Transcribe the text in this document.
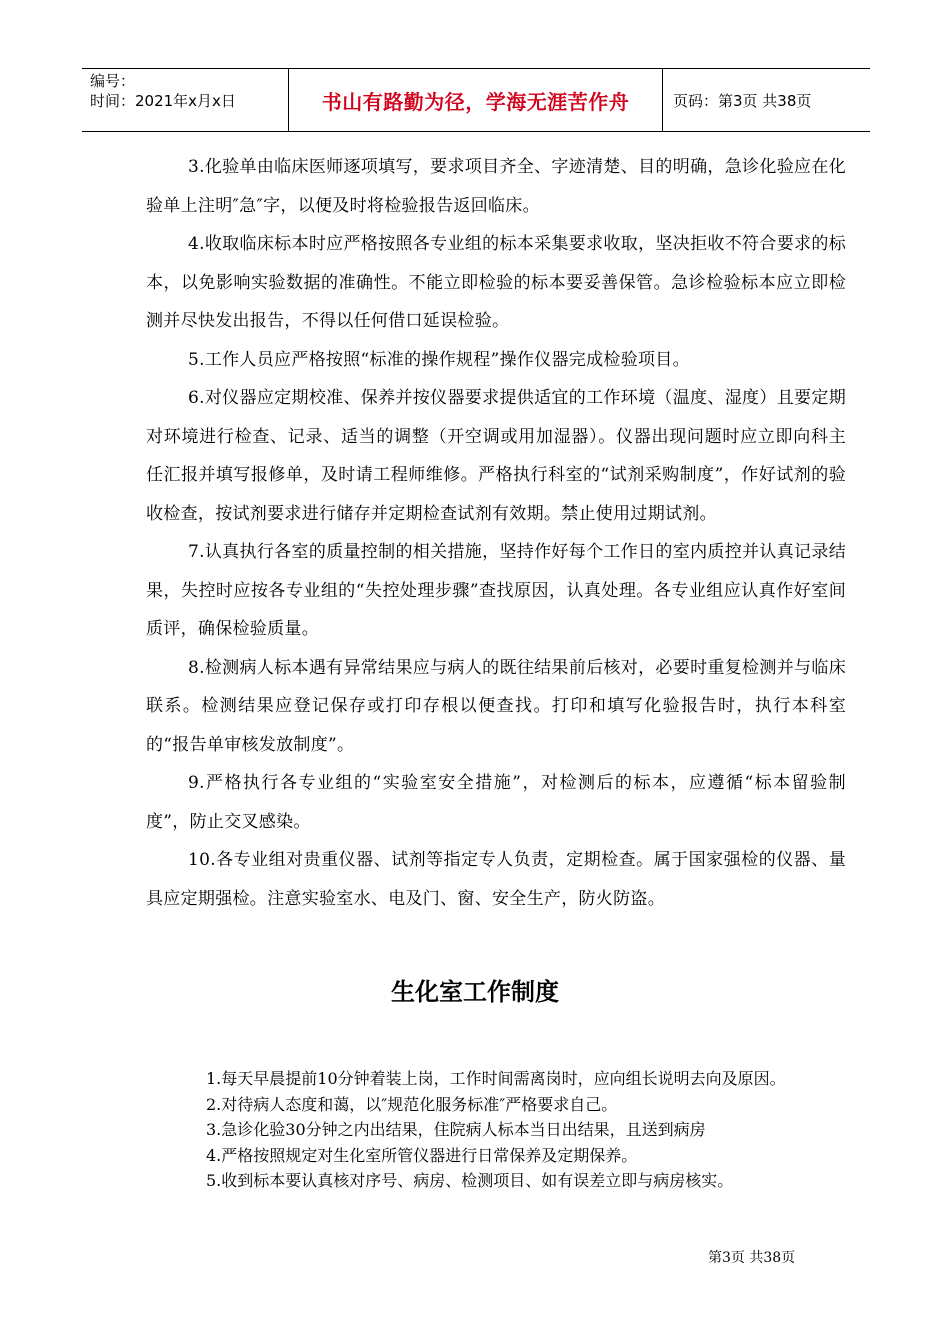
编号：
时间：2021年x月x日	书山有路勤为径，学海无涯苦作舟	页码：第3页 共38页

3.化验单由临床医师逐项填写，要求项目齐全、字迹清楚、目的明确，急诊化验应在化验单上注明″急″字，以便及时将检验报告返回临床。

4.收取临床标本时应严格按照各专业组的标本采集要求收取，坚决拒收不符合要求的标本，以免影响实验数据的准确性。不能立即检验的标本要妥善保管。急诊检验标本应立即检测并尽快发出报告，不得以任何借口延误检验。

5.工作人员应严格按照“标准的操作规程”操作仪器完成检验项目。

6.对仪器应定期校准、保养并按仪器要求提供适宜的工作环境（温度、湿度）且要定期对环境进行检查、记录、适当的调整（开空调或用加湿器）。仪器出现问题时应立即向科主任汇报并填写报修单，及时请工程师维修。严格执行科室的“试剂采购制度”，作好试剂的验收检查，按试剂要求进行储存并定期检查试剂有效期。禁止使用过期试剂。

7.认真执行各室的质量控制的相关措施，坚持作好每个工作日的室内质控并认真记录结果，失控时应按各专业组的“失控处理步骤”查找原因，认真处理。各专业组应认真作好室间质评，确保检验质量。

8.检测病人标本遇有异常结果应与病人的既往结果前后核对，必要时重复检测并与临床联系。检测结果应登记保存或打印存根以便查找。打印和填写化验报告时，执行本科室的“报告单审核发放制度”。

9.严格执行各专业组的“实验室安全措施”，对检测后的标本，应遵循“标本留验制度”，防止交叉感染。

10.各专业组对贵重仪器、试剂等指定专人负责，定期检查。属于国家强检的仪器、量具应定期强检。注意实验室水、电及门、窗、安全生产，防火防盗。

生化室工作制度

1.每天早晨提前10分钟着装上岗，工作时间需离岗时，应向组长说明去向及原因。

2.对待病人态度和蔼，以″规范化服务标准″严格要求自己。

3.急诊化验30分钟之内出结果，住院病人标本当日出结果，且送到病房

4.严格按照规定对生化室所管仪器进行日常保养及定期保养。

5.收到标本要认真核对序号、病房、检测项目、如有误差立即与病房核实。

第3页 共38页
